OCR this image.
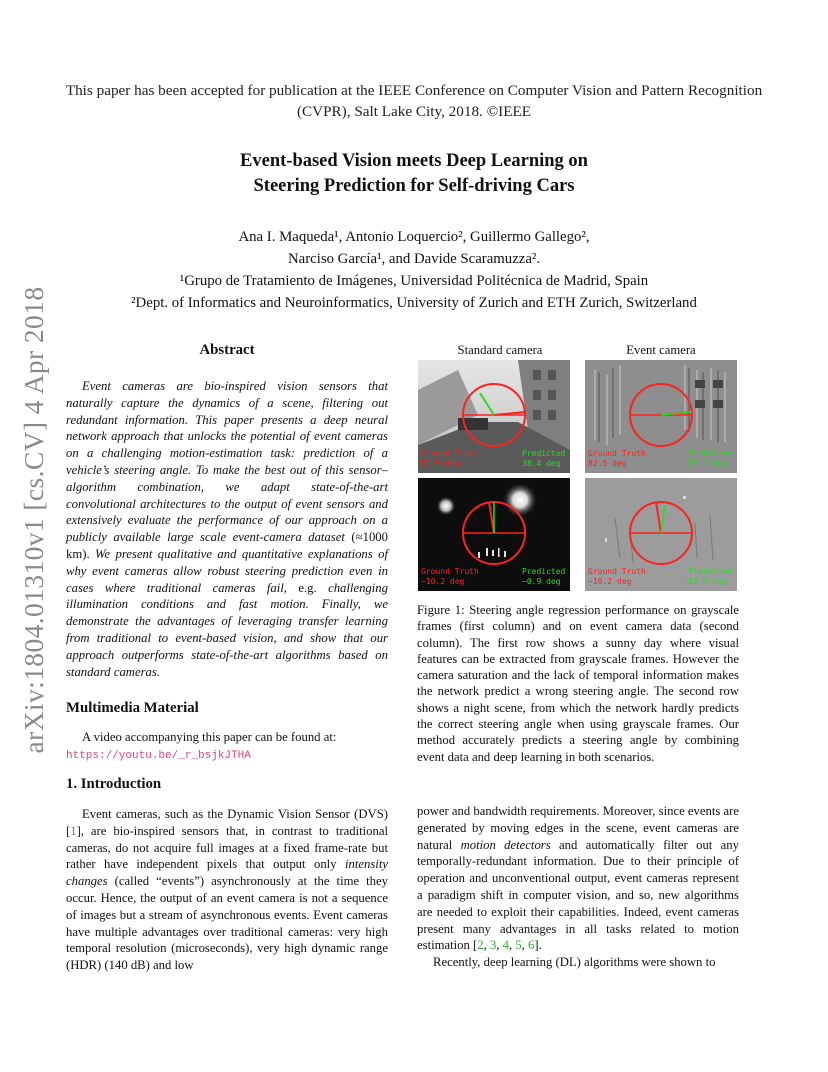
This paper has been accepted for publication at the IEEE Conference on Computer Vision and Pattern Recognition (CVPR), Salt Lake City, 2018. ©IEEE
Event-based Vision meets Deep Learning on
Steering Prediction for Self-driving Cars
Ana I. Maqueda¹, Antonio Loquercio², Guillermo Gallego²,
Narciso García¹, and Davide Scaramuzza².
¹Grupo de Tratamiento de Imágenes, Universidad Politécnica de Madrid, Spain
²Dept. of Informatics and Neuroinformatics, University of Zurich and ETH Zurich, Switzerland
arXiv:1804.01310v1 [cs.CV] 4 Apr 2018	Abstract
Event cameras are bio-inspired vision sensors that naturally capture the dynamics of a scene, filtering out redundant information. This paper presents a deep neural network approach that unlocks the potential of event cameras on a challenging motion-estimation task: prediction of a vehicle’s steering angle. To make the best out of this sensor–algorithm combination, we adapt state-of-the-art convolutional architectures to the output of event sensors and extensively evaluate the performance of our approach on a publicly available large scale event-camera dataset (≈1000 km). We present qualitative and quantitative explanations of why event cameras allow robust steering prediction even in cases where traditional cameras fail, e.g. challenging illumination conditions and fast motion. Finally, we demonstrate the advantages of leveraging transfer learning from traditional to event-based vision, and show that our approach outperforms state-of-the-art algorithms based on standard cameras.
Multimedia Material
A video accompanying this paper can be found at:
https://youtu.be/_r_bsjkJTHA
1. Introduction
Event cameras, such as the Dynamic Vision Sensor (DVS) [1], are bio-inspired sensors that, in contrast to traditional cameras, do not acquire full images at a fixed frame-rate but rather have independent pixels that output only intensity changes (called “events”) asynchronously at the time they occur. Hence, the output of an event camera is not a sequence of images but a stream of asynchronous events. Event cameras have multiple advantages over traditional cameras: very high temporal resolution (microseconds), very high dynamic range (HDR) (140 dB) and low
Standard camera	Event camera
Ground Truth
82.5 deg
Predicted
38.4 deg
Ground Truth
82.5 deg
Predicted
82.1 deg
Ground Truth
−10.2 deg
Predicted
−0.9 deg
Ground Truth
−10.2 deg
Predicted
−12.0 deg
Figure 1: Steering angle regression performance on grayscale frames (first column) and on event camera data (second column). The first row shows a sunny day where visual features can be extracted from grayscale frames. However the camera saturation and the lack of temporal information makes the network predict a wrong steering angle. The second row shows a night scene, from which the network hardly predicts the correct steering angle when using grayscale frames. Our method accurately predicts a steering angle by combining event data and deep learning in both scenarios.
power and bandwidth requirements. Moreover, since events are generated by moving edges in the scene, event cameras are natural motion detectors and automatically filter out any temporally-redundant information. Due to their principle of operation and unconventional output, event cameras represent a paradigm shift in computer vision, and so, new algorithms are needed to exploit their capabilities. Indeed, event cameras present many advantages in all tasks related to motion estimation [2, 3, 4, 5, 6].
Recently, deep learning (DL) algorithms were shown to
